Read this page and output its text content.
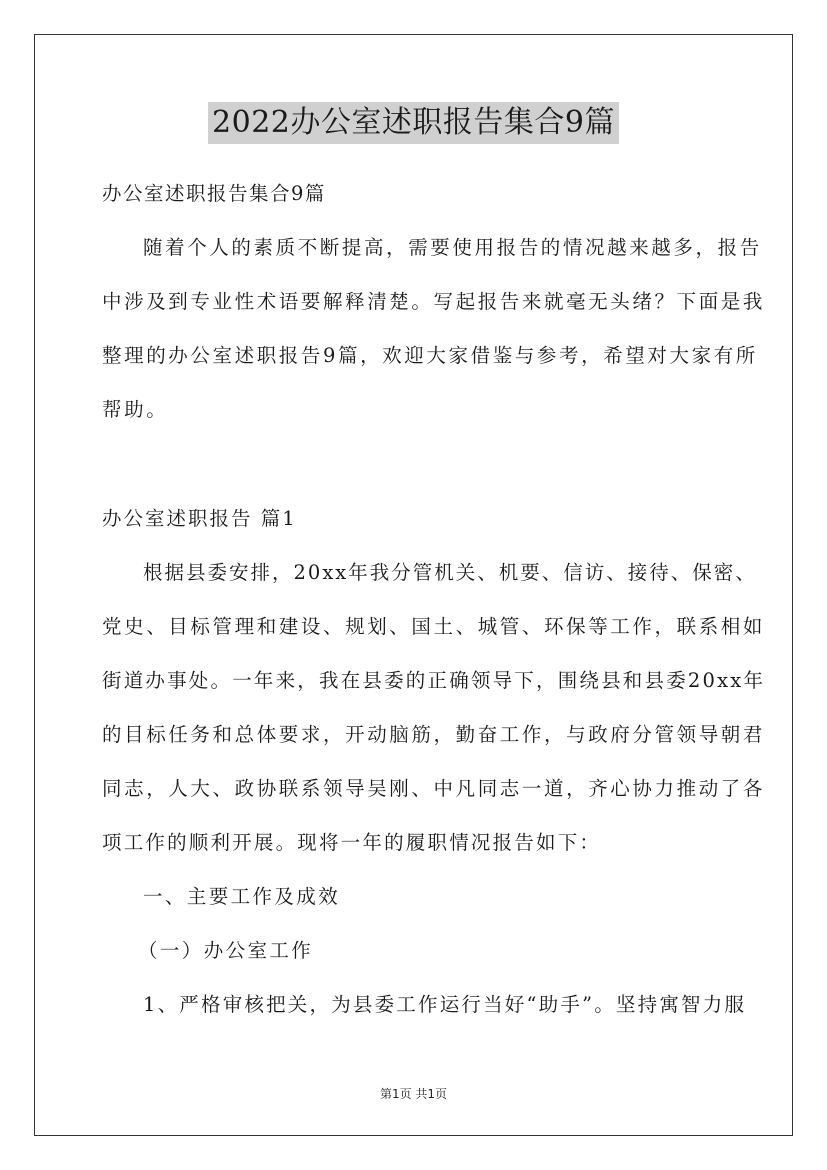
2022办公室述职报告集合9篇
办公室述职报告集合9篇
随着个人的素质不断提高，需要使用报告的情况越来越多，报告
中涉及到专业性术语要解释清楚。写起报告来就毫无头绪？下面是我
整理的办公室述职报告9篇，欢迎大家借鉴与参考，希望对大家有所
帮助。
办公室述职报告 篇1
根据县委安排，20xx年我分管机关、机要、信访、接待、保密、
党史、目标管理和建设、规划、国土、城管、环保等工作，联系相如
街道办事处。一年来，我在县委的正确领导下，围绕县和县委20xx年
的目标任务和总体要求，开动脑筋，勤奋工作，与政府分管领导朝君
同志，人大、政协联系领导吴刚、中凡同志一道，齐心协力推动了各
项工作的顺利开展。现将一年的履职情况报告如下：
一、主要工作及成效
（一）办公室工作
1、严格审核把关，为县委工作运行当好“助手”。坚持寓智力服
第1页 共1页
